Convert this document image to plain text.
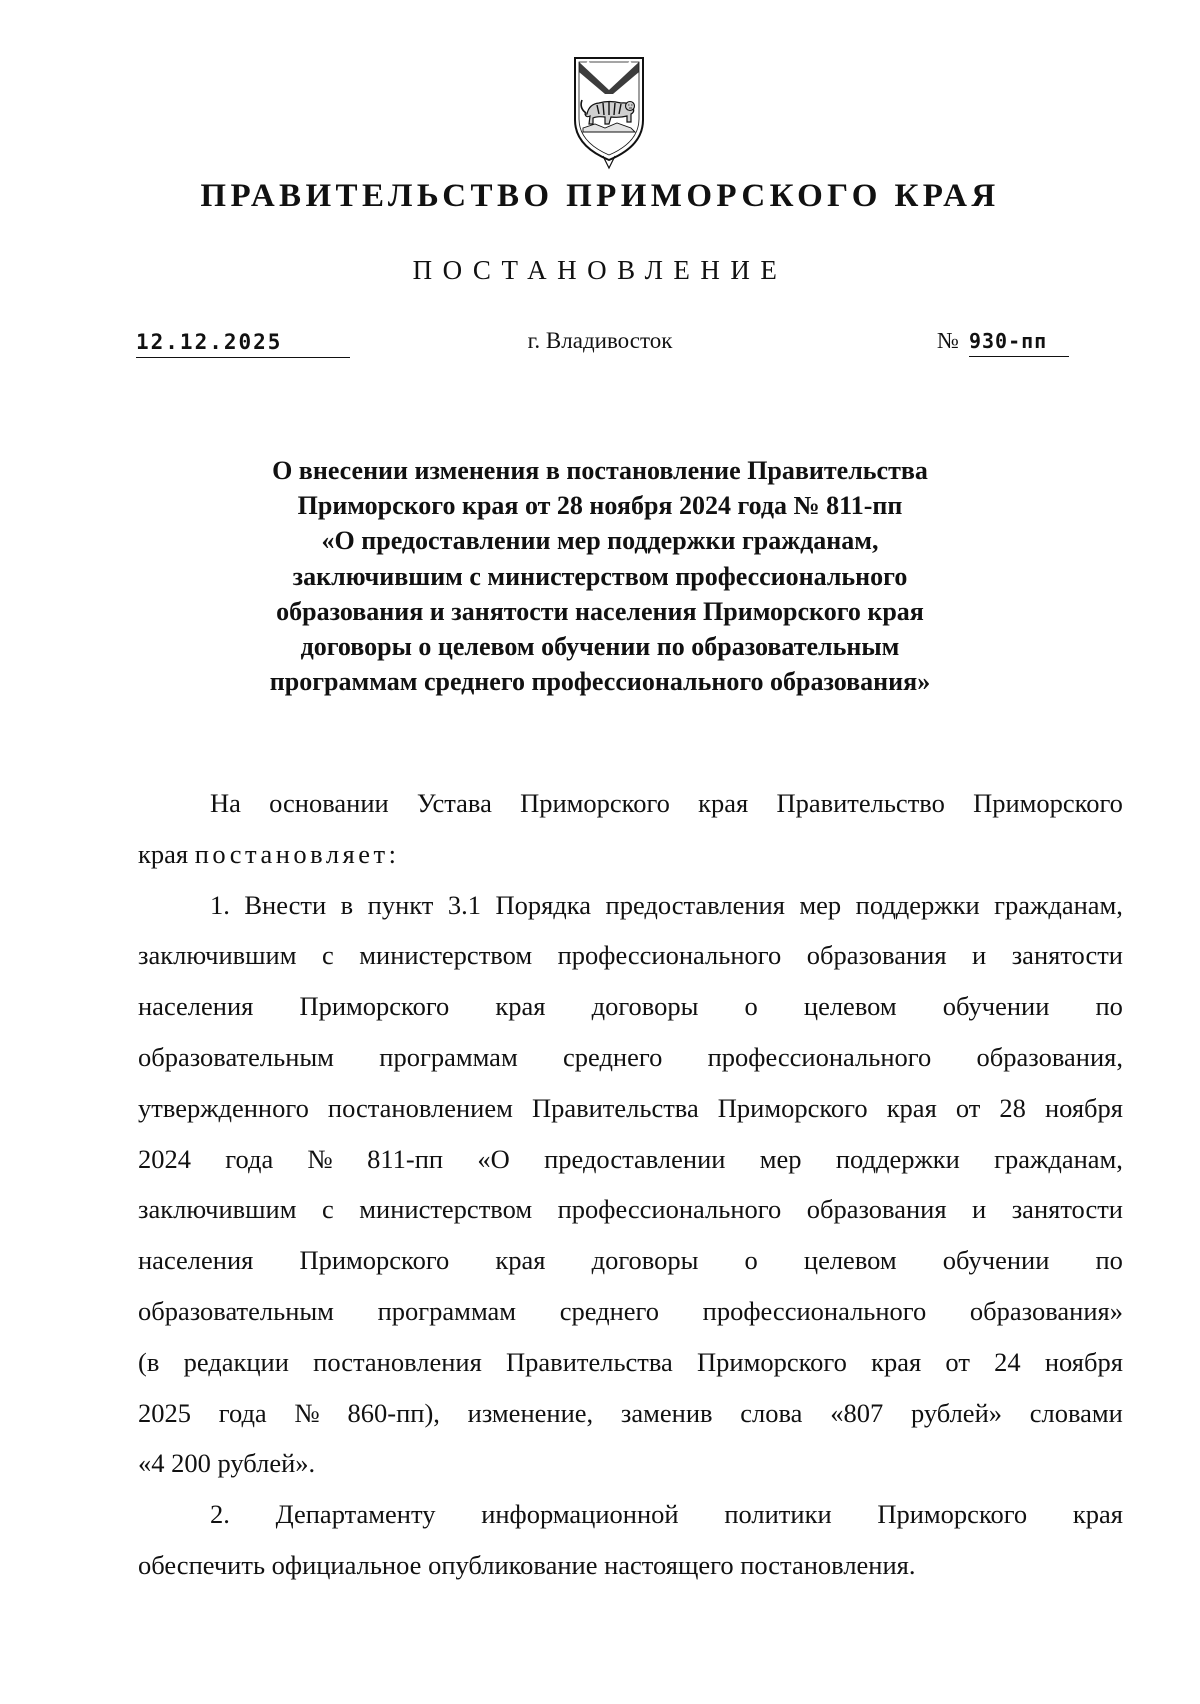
ПРАВИТЕЛЬСТВО ПРИМОРСКОГО КРАЯ
ПОСТАНОВЛЕНИЕ
12.12.2025	г. Владивосток	№ 930-пп
О внесении изменения в постановление Правительства
Приморского края от 28 ноября 2024 года № 811-пп
«О предоставлении мер поддержки гражданам,
заключившим с министерством профессионального
образования и занятости населения Приморского края
договоры о целевом обучении по образовательным
программам среднего профессионального образования»
На основании Устава Приморского края Правительство Приморского
края постановляет:
1. Внести в пункт 3.1 Порядка предоставления мер поддержки гражданам,
заключившим с министерством профессионального образования и занятости
населения Приморского края договоры о целевом обучении по
образовательным программам среднего профессионального образования,
утвержденного постановлением Правительства Приморского края от 28 ноября
2024 года № 811-пп «О предоставлении мер поддержки гражданам,
заключившим с министерством профессионального образования и занятости
населения Приморского края договоры о целевом обучении по
образовательным программам среднего профессионального образования»
(в редакции постановления Правительства Приморского края от 24 ноября
2025 года № 860-пп), изменение, заменив слова «807 рублей» словами
«4 200 рублей».
2. Департаменту информационной политики Приморского края
обеспечить официальное опубликование настоящего постановления.
